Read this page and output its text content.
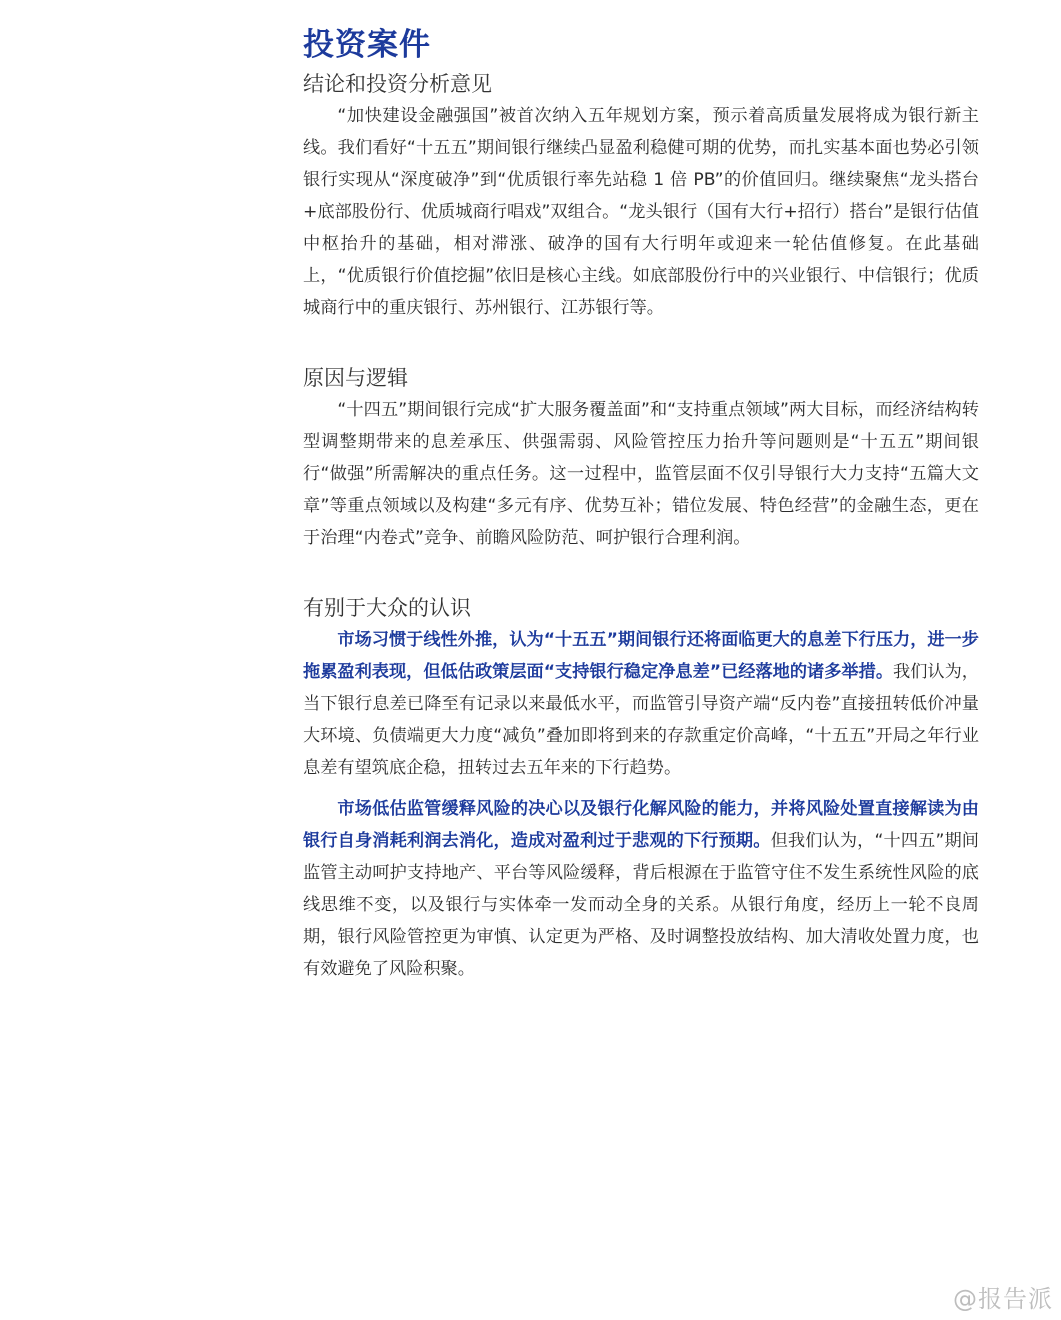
投资案件
结论和投资分析意见

“加快建设金融强国”被首次纳入五年规划方案，预示着高质量发展将成为银行新主线。我们看好“十五五”期间银行继续凸显盈利稳健可期的优势，而扎实基本面也势必引领银行实现从“深度破净”到“优质银行率先站稳 1 倍 PB”的价值回归。继续聚焦“龙头搭台+底部股份行、优质城商行唱戏”双组合。“龙头银行（国有大行+招行）搭台”是银行估值中枢抬升的基础，相对滞涨、破净的国有大行明年或迎来一轮估值修复。在此基础上，“优质银行价值挖掘”依旧是核心主线。如底部股份行中的兴业银行、中信银行；优质城商行中的重庆银行、苏州银行、江苏银行等。

原因与逻辑

“十四五”期间银行完成“扩大服务覆盖面”和“支持重点领域”两大目标，而经济结构转型调整期带来的息差承压、供强需弱、风险管控压力抬升等问题则是“十五五”期间银行“做强”所需解决的重点任务。这一过程中，监管层面不仅引导银行大力支持“五篇大文章”等重点领域以及构建“多元有序、优势互补；错位发展、特色经营”的金融生态，更在于治理“内卷式”竞争、前瞻风险防范、呵护银行合理利润。

有别于大众的认识

市场习惯于线性外推，认为“十五五”期间银行还将面临更大的息差下行压力，进一步拖累盈利表现，但低估政策层面“支持银行稳定净息差”已经落地的诸多举措。我们认为，当下银行息差已降至有记录以来最低水平，而监管引导资产端“反内卷”直接扭转低价冲量大环境、负债端更大力度“减负”叠加即将到来的存款重定价高峰，“十五五”开局之年行业息差有望筑底企稳，扭转过去五年来的下行趋势。

市场低估监管缓释风险的决心以及银行化解风险的能力，并将风险处置直接解读为由银行自身消耗利润去消化，造成对盈利过于悲观的下行预期。但我们认为，“十四五”期间监管主动呵护支持地产、平台等风险缓释，背后根源在于监管守住不发生系统性风险的底线思维不变，以及银行与实体牵一发而动全身的关系。从银行角度，经历上一轮不良周期，银行风险管控更为审慎、认定更为严格、及时调整投放结构、加大清收处置力度，也有效避免了风险积聚。

@报告派
